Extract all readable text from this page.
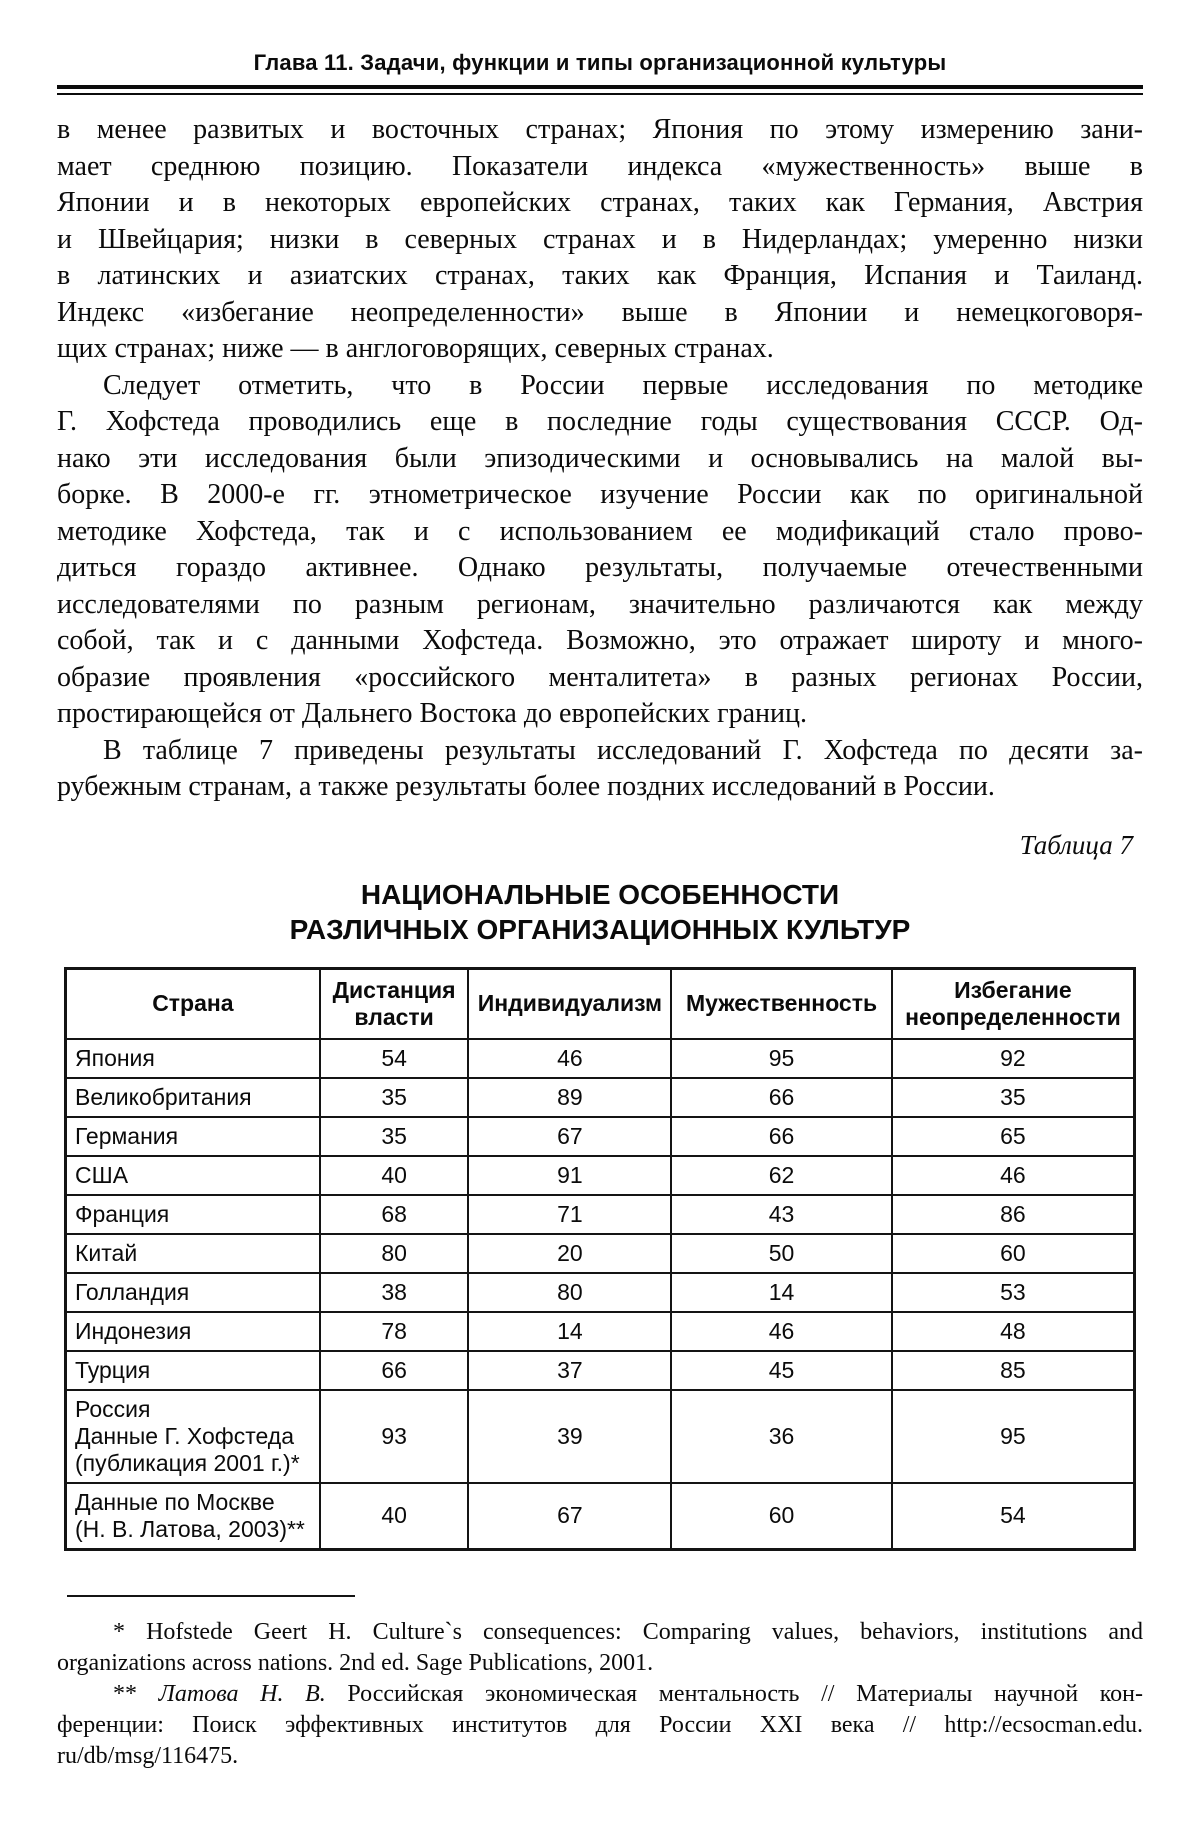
Глава 11. Задачи, функции и типы организационной культуры
в менее развитых и восточных странах; Япония по этому измерению зани-
мает среднюю позицию. Показатели индекса «мужественность» выше в
Японии и в некоторых европейских странах, таких как Германия, Австрия
и Швейцария; низки в северных странах и в Нидерландах; умеренно низки
в латинских и азиатских странах, таких как Франция, Испания и Таиланд.
Индекс «избегание неопределенности» выше в Японии и немецкоговоря-
щих странах; ниже — в англоговорящих, северных странах.
Следует отметить, что в России первые исследования по методике
Г. Хофстеда проводились еще в последние годы существования СССР. Од-
нако эти исследования были эпизодическими и основывались на малой вы-
борке. В 2000-е гг. этнометрическое изучение России как по оригинальной
методике Хофстеда, так и с использованием ее модификаций стало прово-
диться гораздо активнее. Однако результаты, получаемые отечественными
исследователями по разным регионам, значительно различаются как между
собой, так и с данными Хофстеда. Возможно, это отражает широту и много-
образие проявления «российского менталитета» в разных регионах России,
простирающейся от Дальнего Востока до европейских границ.
В таблице 7 приведены результаты исследований Г. Хофстеда по десяти за-
рубежным странам, а также результаты более поздних исследований в России.
Таблица 7
НАЦИОНАЛЬНЫЕ ОСОБЕННОСТИ
РАЗЛИЧНЫХ ОРГАНИЗАЦИОННЫХ КУЛЬТУР
Страна	Дистанция власти	Индивидуализм	Мужественность	Избегание неопределенности

Япония	54	46	95	92

Великобритания	35	89	66	35

Германия	35	67	66	65

США	40	91	62	46

Франция	68	71	43	86

Китай	80	20	50	60

Голландия	38	80	14	53

Индонезия	78	14	46	48

Турция	66	37	45	85

Россия
Данные Г. Хофстеда
(публикация 2001 г.)*	93	39	36	95

Данные по Москве
(Н. В. Латова, 2003)**	40	67	60	54
* Hofstede Geert H. Culture`s consequences: Comparing values, behaviors, institutions and
organizations across nations. 2nd ed. Sage Publications, 2001.
** Латова Н. В. Российская экономическая ментальность // Материалы научной кон-
ференции: Поиск эффективных институтов для России XXI века // http://ecsocman.edu.
ru/db/msg/116475.
